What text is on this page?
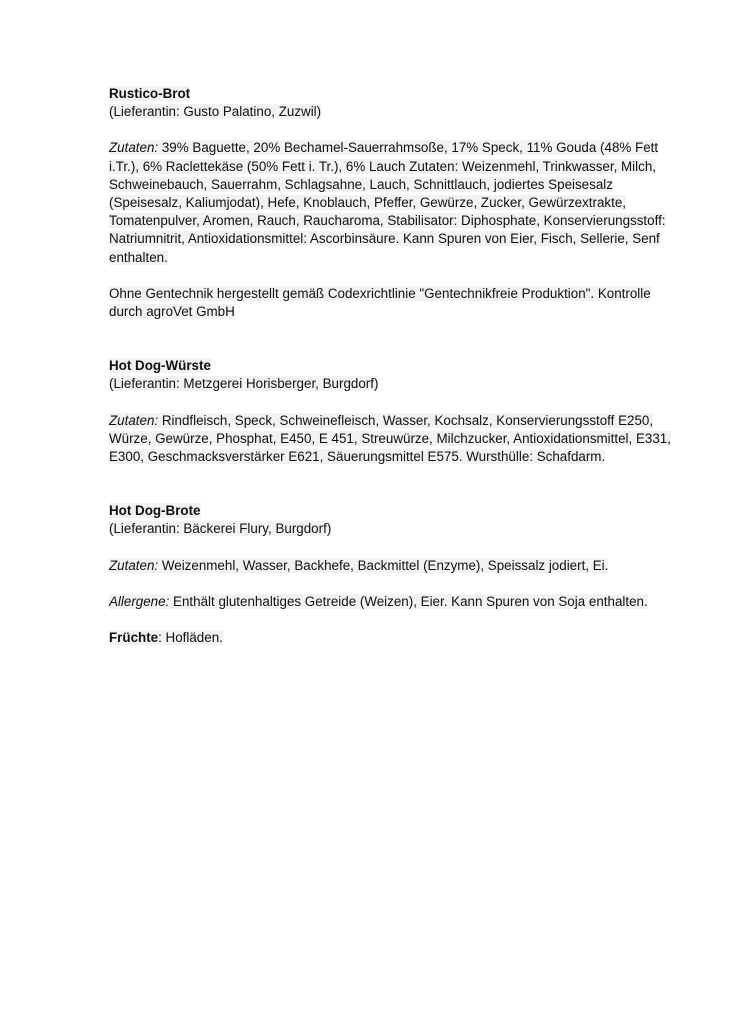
Rustico-Brot

(Lieferantin: Gusto Palatino, Zuzwil)

Zutaten: 39% Baguette, 20% Bechamel-Sauerrahmsoße, 17% Speck, 11% Gouda (48% Fett i.Tr.), 6% Raclettekäse (50% Fett i. Tr.), 6% Lauch Zutaten: Weizenmehl, Trinkwasser, Milch, Schweinebauch, Sauerrahm, Schlagsahne, Lauch, Schnittlauch, jodiertes Speisesalz (Speisesalz, Kaliumjodat), Hefe, Knoblauch, Pfeffer, Gewürze, Zucker, Gewürzextrakte, Tomatenpulver, Aromen, Rauch, Raucharoma, Stabilisator: Diphosphate, Konservierungsstoff: Natriumnitrit, Antioxidationsmittel: Ascorbinsäure. Kann Spuren von Eier, Fisch, Sellerie, Senf enthalten.

Ohne Gentechnik hergestellt gemäß Codexrichtlinie "Gentechnikfreie Produktion". Kontrolle durch agroVet GmbH

Hot Dog-Würste

(Lieferantin: Metzgerei Horisberger, Burgdorf)

Zutaten: Rindfleisch, Speck, Schweinefleisch, Wasser, Kochsalz, Konservierungsstoff E250, Würze, Gewürze, Phosphat, E450, E 451, Streuwürze, Milchzucker, Antioxidationsmittel, E331, E300, Geschmacksverstärker E621, Säuerungsmittel E575. Wursthülle: Schafdarm.

Hot Dog-Brote

(Lieferantin: Bäckerei Flury, Burgdorf)

Zutaten: Weizenmehl, Wasser, Backhefe, Backmittel (Enzyme), Speissalz jodiert, Ei.

Allergene: Enthält glutenhaltiges Getreide (Weizen), Eier. Kann Spuren von Soja enthalten.

Früchte: Hofläden.
